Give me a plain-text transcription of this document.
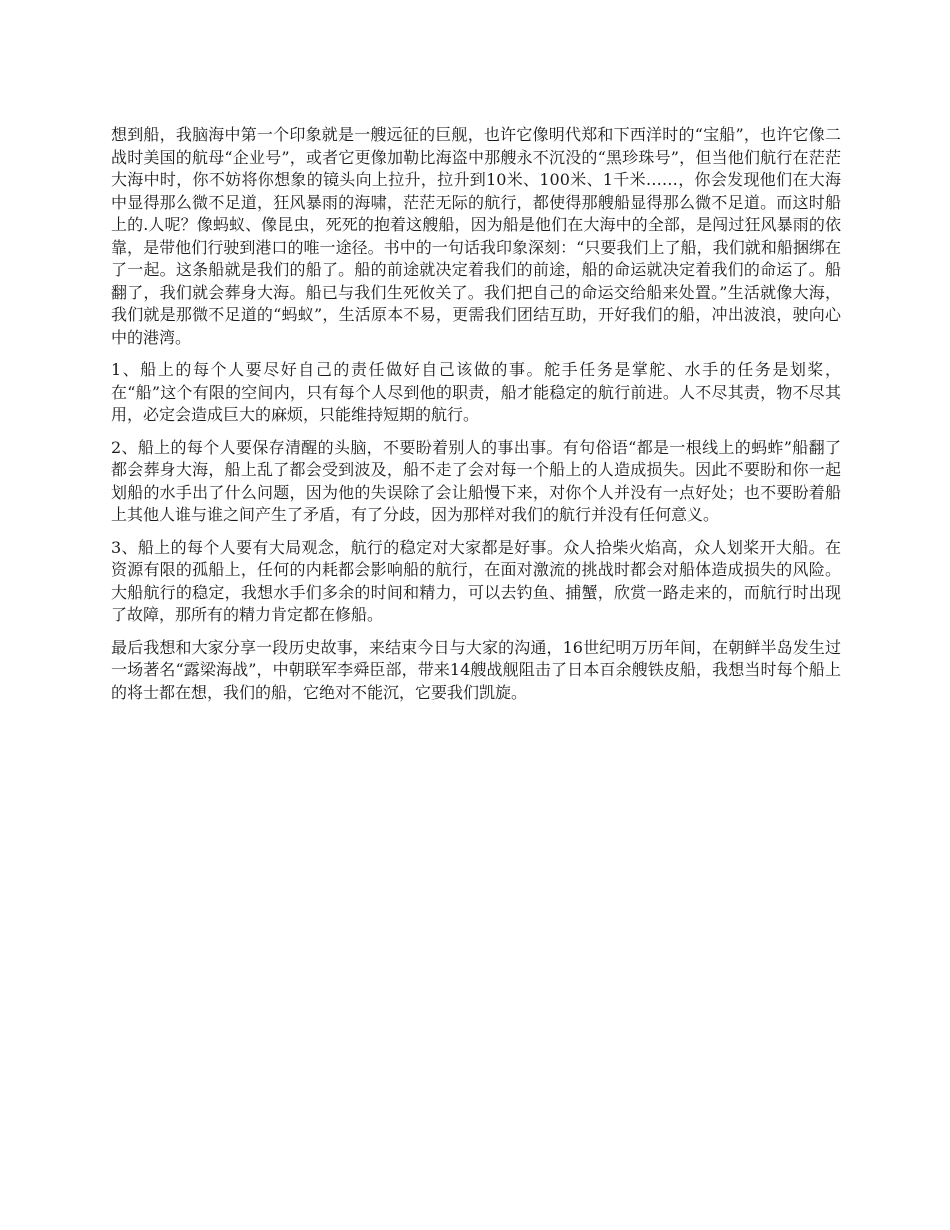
想到船，我脑海中第一个印象就是一艘远征的巨舰，也许它像明代郑和下西洋时的“宝船”，也许它像二战时美国的航母“企业号”，或者它更像加勒比海盗中那艘永不沉没的“黑珍珠号”，但当他们航行在茫茫大海中时，你不妨将你想象的镜头向上拉升，拉升到10米、100米、1千米……，你会发现他们在大海中显得那么微不足道，狂风暴雨的海啸，茫茫无际的航行，都使得那艘船显得那么微不足道。而这时船上的.人呢？像蚂蚁、像昆虫，死死的抱着这艘船，因为船是他们在大海中的全部，是闯过狂风暴雨的依靠，是带他们行驶到港口的唯一途径。书中的一句话我印象深刻：“只要我们上了船，我们就和船捆绑在了一起。这条船就是我们的船了。船的前途就决定着我们的前途，船的命运就决定着我们的命运了。船翻了，我们就会葬身大海。船已与我们生死攸关了。我们把自己的命运交给船来处置。”生活就像大海，我们就是那微不足道的“蚂蚁”，生活原本不易，更需我们团结互助，开好我们的船，冲出波浪，驶向心中的港湾。

1、船上的每个人要尽好自己的责任做好自己该做的事。舵手任务是掌舵、水手的任务是划桨，在“船”这个有限的空间内，只有每个人尽到他的职责，船才能稳定的航行前进。人不尽其责，物不尽其用，必定会造成巨大的麻烦，只能维持短期的航行。

2、船上的每个人要保存清醒的头脑，不要盼着别人的事出事。有句俗语“都是一根线上的蚂蚱”船翻了都会葬身大海，船上乱了都会受到波及，船不走了会对每一个船上的人造成损失。因此不要盼和你一起划船的水手出了什么问题，因为他的失误除了会让船慢下来，对你个人并没有一点好处；也不要盼着船上其他人谁与谁之间产生了矛盾，有了分歧，因为那样对我们的航行并没有任何意义。

3、船上的每个人要有大局观念，航行的稳定对大家都是好事。众人拾柴火焰高，众人划桨开大船。在资源有限的孤船上，任何的内耗都会影响船的航行，在面对激流的挑战时都会对船体造成损失的风险。大船航行的稳定，我想水手们多余的时间和精力，可以去钓鱼、捕蟹，欣赏一路走来的，而航行时出现了故障，那所有的精力肯定都在修船。

最后我想和大家分享一段历史故事，来结束今日与大家的沟通，16世纪明万历年间，在朝鲜半岛发生过一场著名“露梁海战”，中朝联军李舜臣部，带来14艘战舰阻击了日本百余艘铁皮船，我想当时每个船上的将士都在想，我们的船，它绝对不能沉，它要我们凯旋。
